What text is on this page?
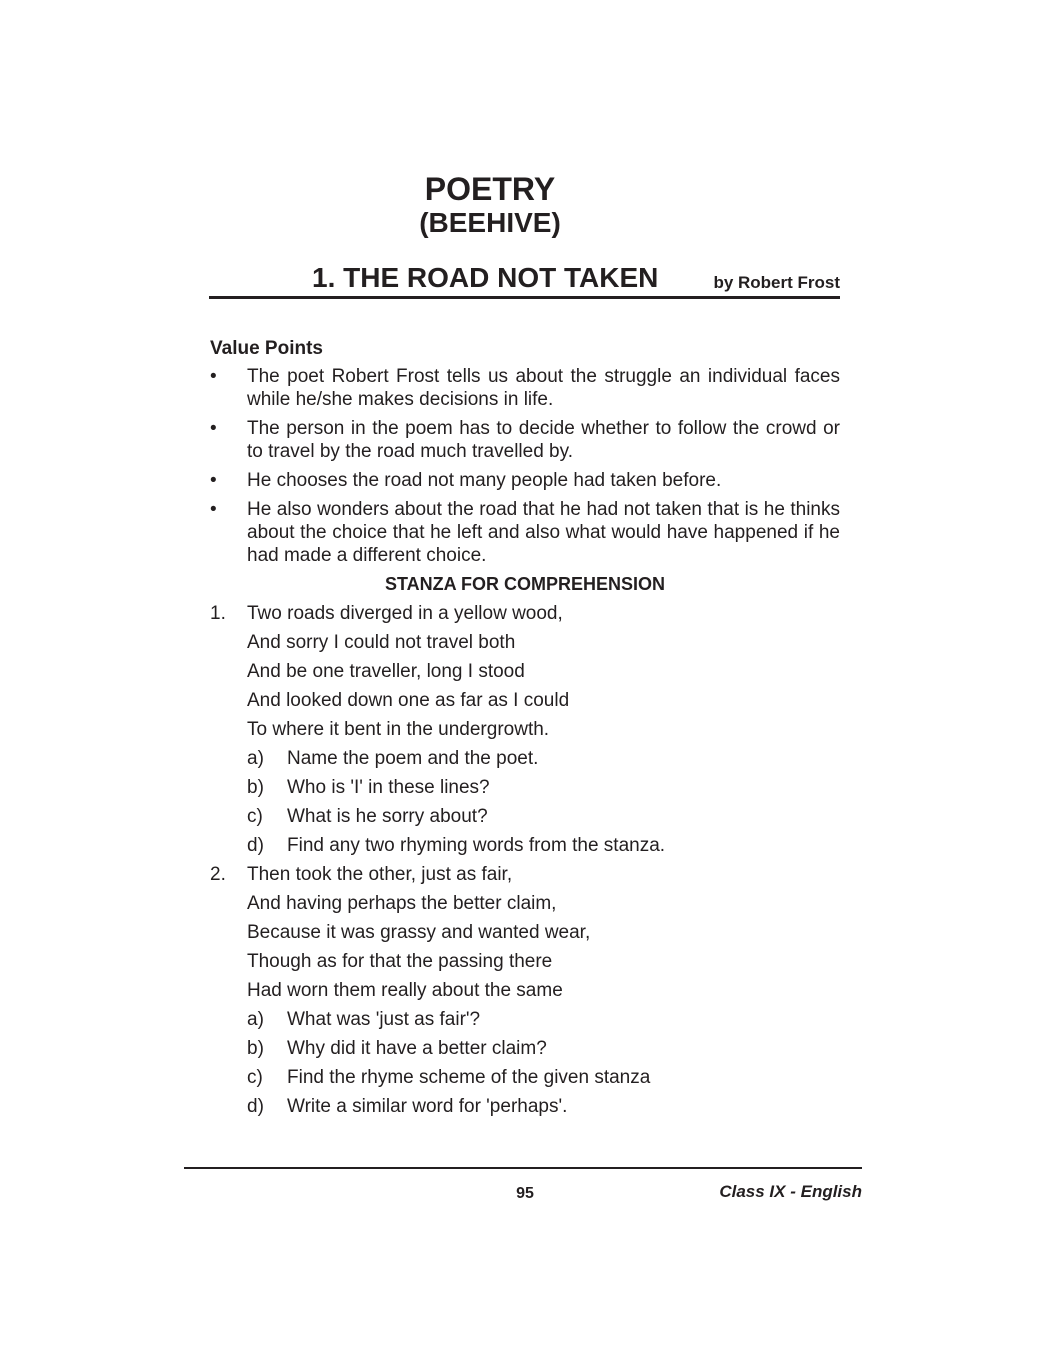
POETRY
(BEEHIVE)
1. THE ROAD NOT TAKEN	by Robert Frost
Value Points
• The poet Robert Frost tells us about the struggle an individual faces while he/she makes decisions in life.
• The person in the poem has to decide whether to follow the crowd or to travel by the road much travelled by.
• He chooses the road not many people had taken before.
• He also wonders about the road that he had not taken that is he thinks about the choice that he left and also what would have happened if he had made a different choice.
STANZA FOR COMPREHENSION
1. Two roads diverged in a yellow wood,
And sorry I could not travel both
And be one traveller, long I stood
And looked down one as far as I could
To where it bent in the undergrowth.
a) Name the poem and the poet.
b) Who is 'I' in these lines?
c) What is he sorry about?
d) Find any two rhyming words from the stanza.
2. Then took the other, just as fair,
And having perhaps the better claim,
Because it was grassy and wanted wear,
Though as for that the passing there
Had worn them really about the same
a) What was 'just as fair'?
b) Why did it have a better claim?
c) Find the rhyme scheme of the given stanza
d) Write a similar word for 'perhaps'.
95	Class IX - English
